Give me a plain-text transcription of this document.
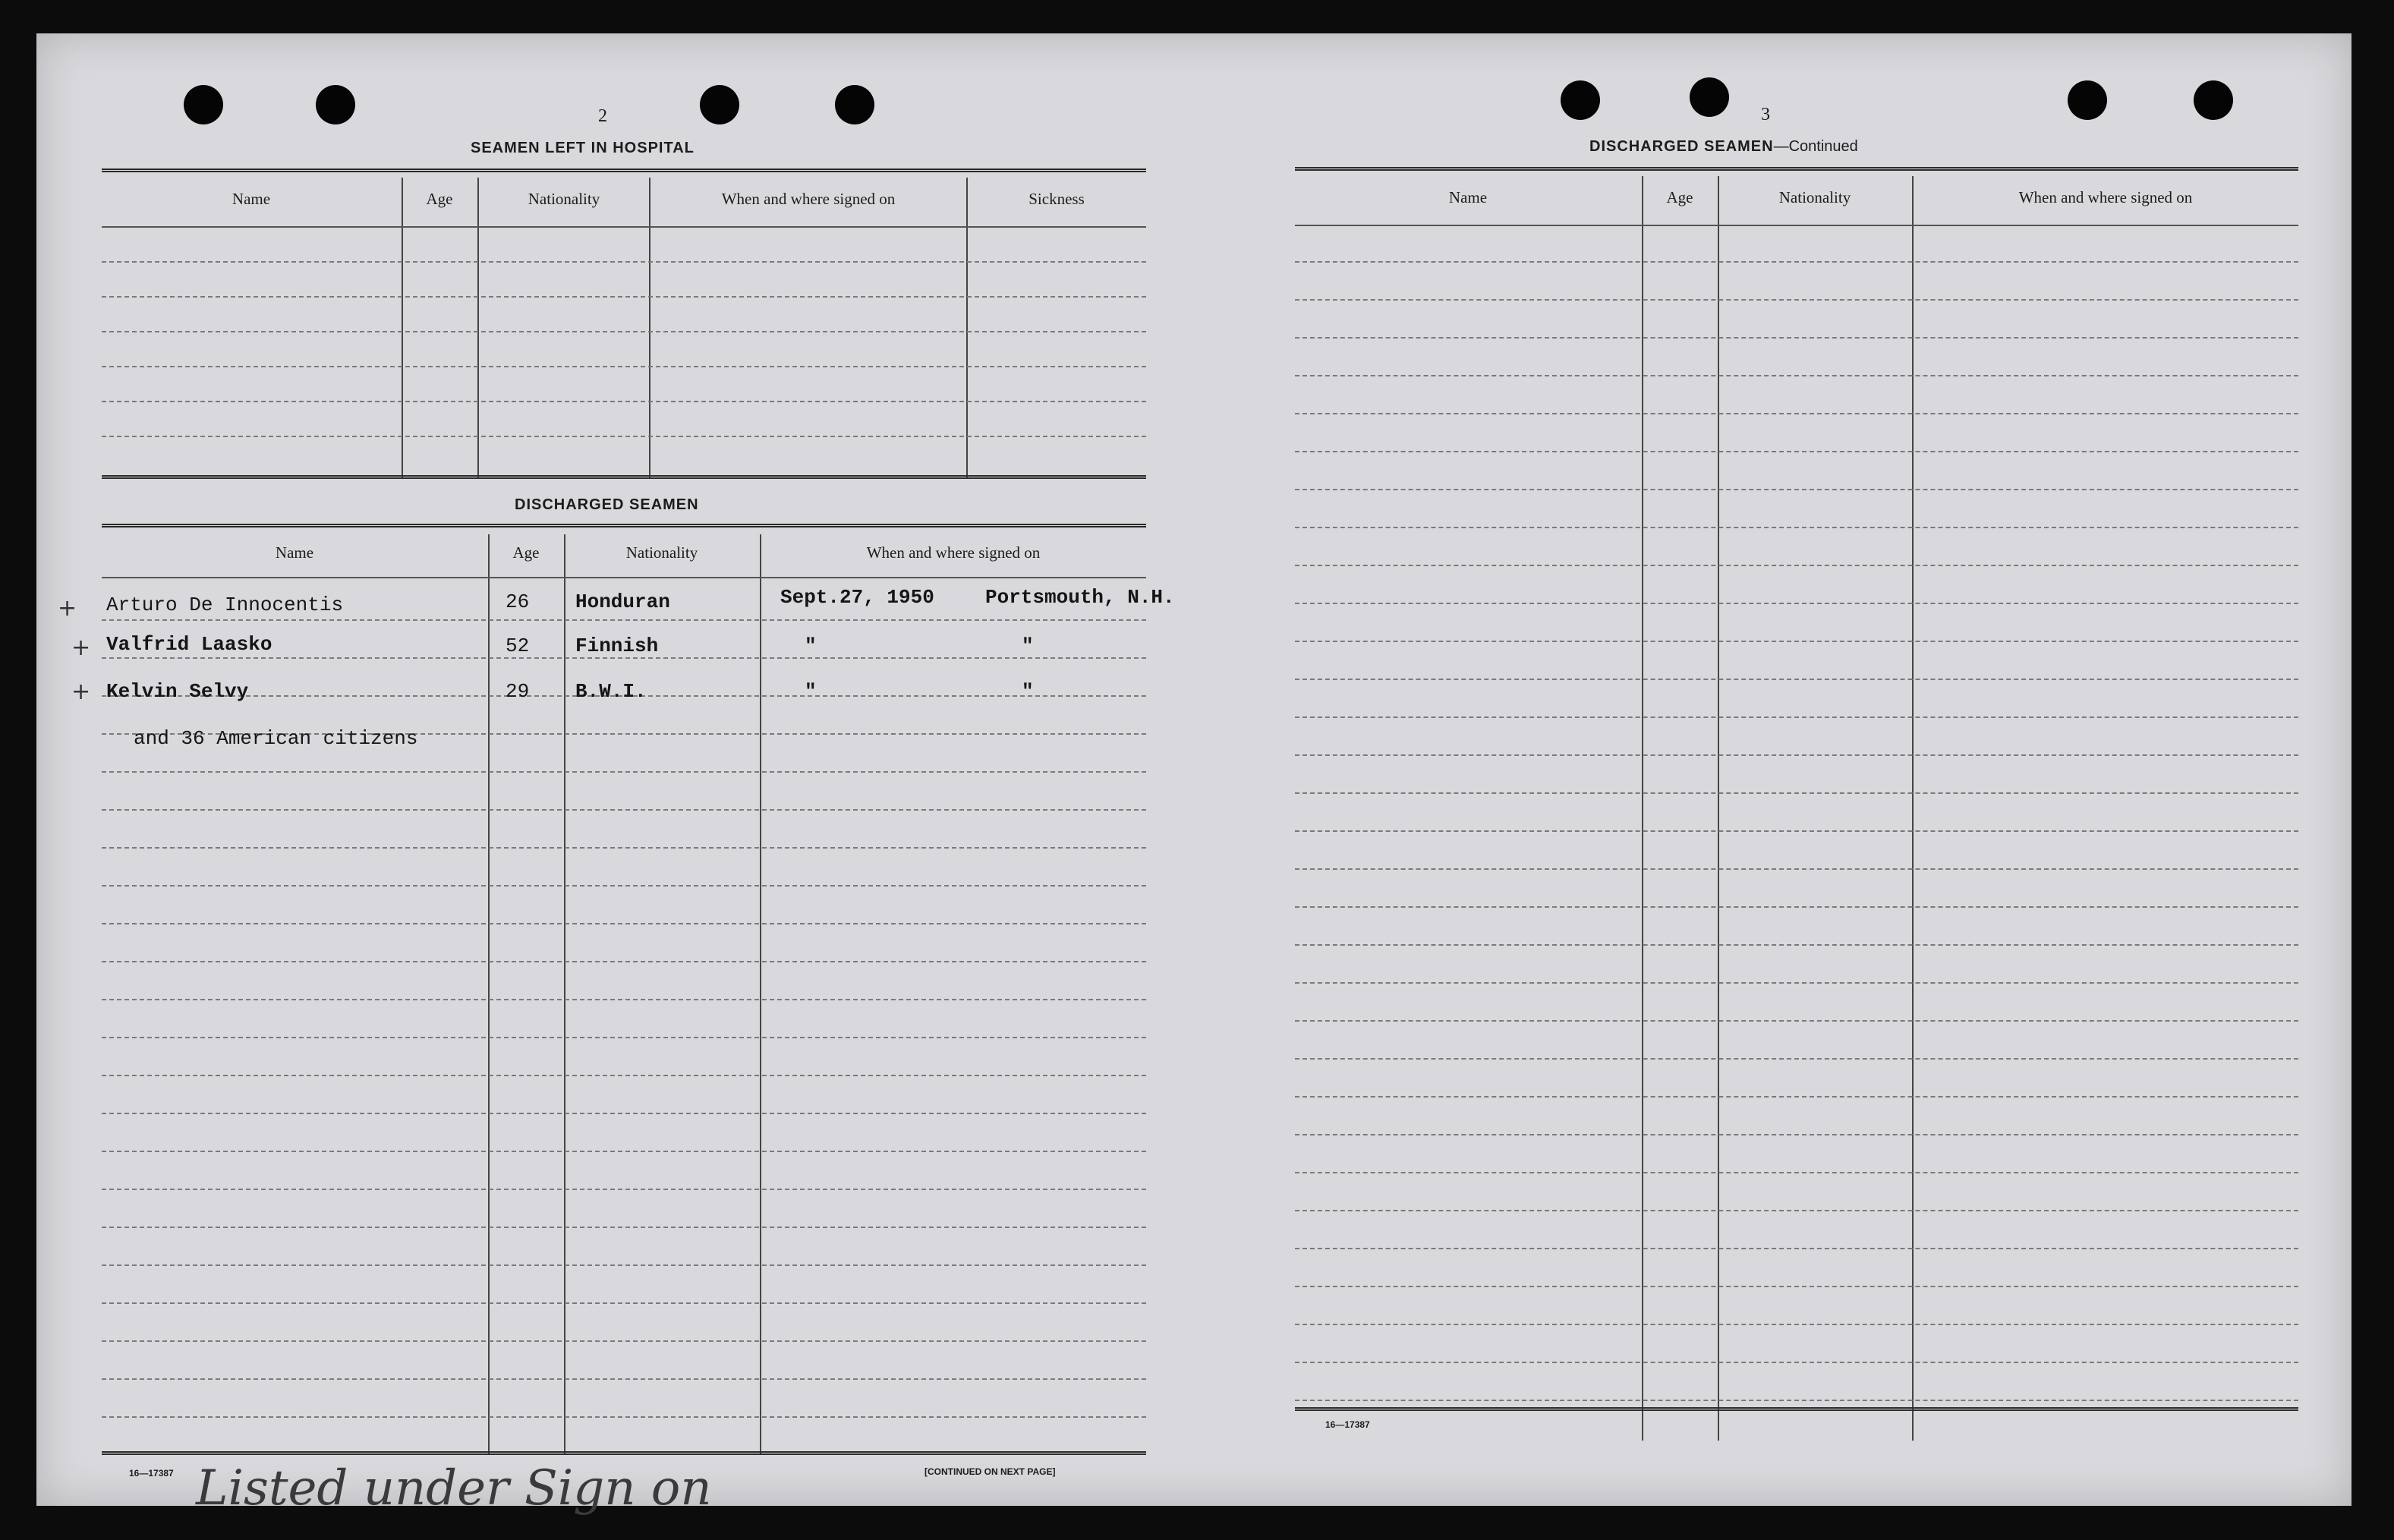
2
SEAMEN LEFT IN HOSPITAL
Name	Age	Nationality	When and where signed on	Sickness
DISCHARGED SEAMEN
Name	Age	Nationality	When and where signed on
+ Arturo De Innocentis	26 Honduran	Sept.27, 1950	Portsmouth, N.H.
+ Valfrid Laasko	52 Finnish	"	"
+ Kelvin Selvy	29 B.W.I.	"	"
and 36 American citizens
16—17387	[CONTINUED ON NEXT PAGE]
Listed under Sign on
3
DISCHARGED SEAMEN—Continued
Name	Age	Nationality	When and where signed on
16—17387
